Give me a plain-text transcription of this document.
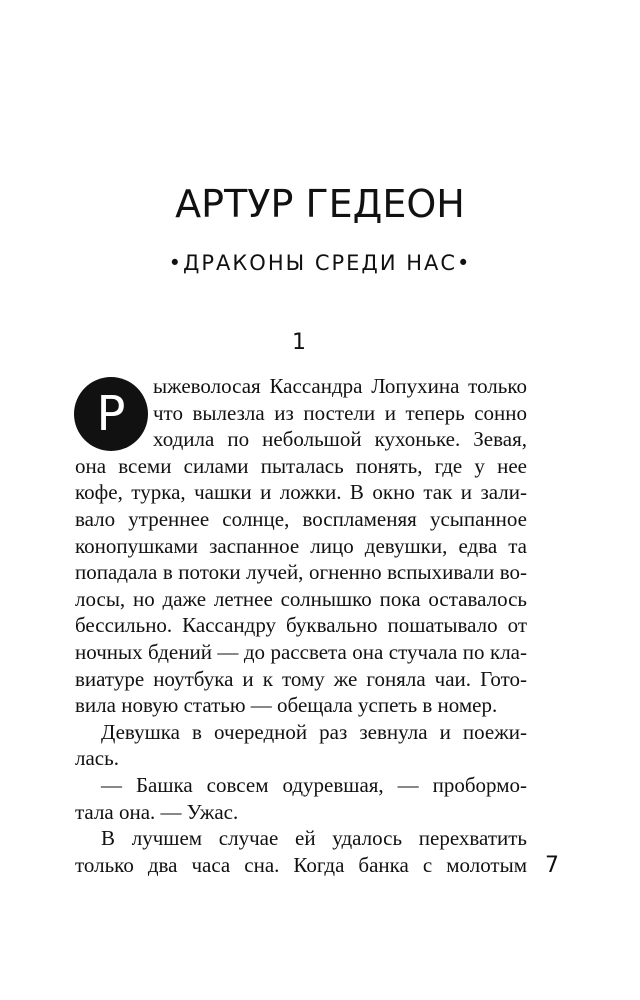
АРТУР ГЕДЕОН
•ДРАКОНЫ СРЕДИ НАС•
1
Р	ыжеволосая Кассандра Лопухина только
что вылезла из постели и теперь сонно
ходила по небольшой кухоньке. Зевая,
она всеми силами пыталась понять, где у нее
кофе, турка, чашки и ложки. В окно так и зали-
вало утреннее солнце, воспламеняя усыпанное
конопушками заспанное лицо девушки, едва та
попадала в потоки лучей, огненно вспыхивали во-
лосы, но даже летнее солнышко пока оставалось
бессильно. Кассандру буквально пошатывало от
ночных бдений — до рассвета она стучала по кла-
виатуре ноутбука и к тому же гоняла чаи. Гото-
вила новую статью — обещала успеть в номер.
Девушка в очередной раз зевнула и поежи-
лась.
— Башка совсем одуревшая, — пробормо-
тала она. — Ужас.
В лучшем случае ей удалось перехватить
только два часа сна. Когда банка с молотым 7
